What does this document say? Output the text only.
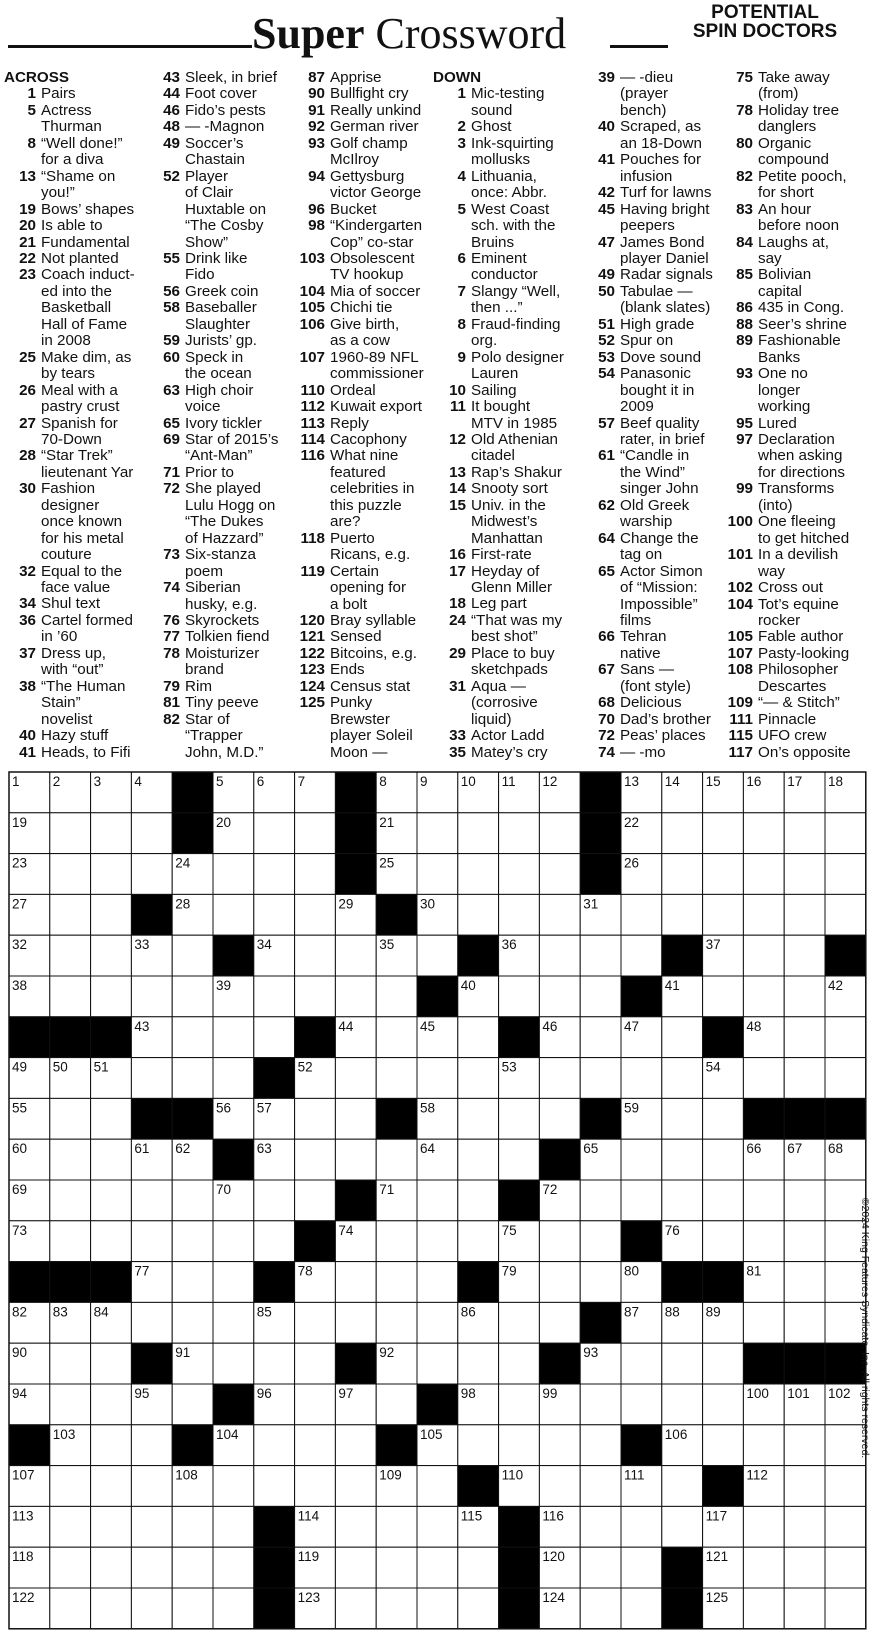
Super Crossword	POTENTIAL
SPIN DOCTORS
ACROSS
1 Pairs
5 Actress
Thurman
8 “Well done!”
for a diva
13 “Shame on
you!”
19 Bows’ shapes
20 Is able to
21 Fundamental
22 Not planted
23 Coach induct-
ed into the
Basketball
Hall of Fame
in 2008
25 Make dim, as
by tears
26 Meal with a
pastry crust
27 Spanish for
70-Down
28 “Star Trek”
lieutenant Yar
30 Fashion
designer
once known
for his metal
couture
32 Equal to the
face value
34 Shul text
36 Cartel formed
in ’60
37 Dress up,
with “out”
38 “The Human
Stain”
novelist
40 Hazy stuff
41 Heads, to Fifi
43 Sleek, in brief
44 Foot cover
46 Fido’s pests
48 — -Magnon
49 Soccer’s
Chastain
52 Player
of Clair
Huxtable on
“The Cosby
Show”
55 Drink like
Fido
56 Greek coin
58 Baseballer
Slaughter
59 Jurists’ gp.
60 Speck in
the ocean
63 High choir
voice
65 Ivory tickler
69 Star of 2015’s
“Ant-Man”
71 Prior to
72 She played
Lulu Hogg on
“The Dukes
of Hazzard”
73 Six-stanza
poem
74 Siberian
husky, e.g.
76 Skyrockets
77 Tolkien fiend
78 Moisturizer
brand
79 Rim
81 Tiny peeve
82 Star of
“Trapper
John, M.D.”
87 Apprise
90 Bullfight cry
91 Really unkind
92 German river
93 Golf champ
McIlroy
94 Gettysburg
victor George
96 Bucket
98 “Kindergarten
Cop” co-star
103 Obsolescent
TV hookup
104 Mia of soccer
105 Chichi tie
106 Give birth,
as a cow
107 1960-89 NFL
commissioner
110 Ordeal
112 Kuwait export
113 Reply
114 Cacophony
116 What nine
featured
celebrities in
this puzzle
are?
118 Puerto
Ricans, e.g.
119 Certain
opening for
a bolt
120 Bray syllable
121 Sensed
122 Bitcoins, e.g.
123 Ends
124 Census stat
125 Punky
Brewster
player Soleil
Moon —
DOWN
1 Mic-testing
sound
2 Ghost
3 Ink-squirting
mollusks
4 Lithuania,
once: Abbr.
5 West Coast
sch. with the
Bruins
6 Eminent
conductor
7 Slangy “Well,
then ...”
8 Fraud-finding
org.
9 Polo designer
Lauren
10 Sailing
11 It bought
MTV in 1985
12 Old Athenian
citadel
13 Rap’s Shakur
14 Snooty sort
15 Univ. in the
Midwest’s
Manhattan
16 First-rate
17 Heyday of
Glenn Miller
18 Leg part
24 “That was my
best shot”
29 Place to buy
sketchpads
31 Aqua —
(corrosive
liquid)
33 Actor Ladd
35 Matey’s cry
39 — -dieu
(prayer
bench)
40 Scraped, as
an 18-Down
41 Pouches for
infusion
42 Turf for lawns
45 Having bright
peepers
47 James Bond
player Daniel
49 Radar signals
50 Tabulae —
(blank slates)
51 High grade
52 Spur on
53 Dove sound
54 Panasonic
bought it in
2009
57 Beef quality
rater, in brief
61 “Candle in
the Wind”
singer John
62 Old Greek
warship
64 Change the
tag on
65 Actor Simon
of “Mission:
Impossible”
films
66 Tehran
native
67 Sans —
(font style)
68 Delicious
70 Dad’s brother
72 Peas’ places
74 — -mo
75 Take away
(from)
78 Holiday tree
danglers
80 Organic
compound
82 Petite pooch,
for short
83 An hour
before noon
84 Laughs at,
say
85 Bolivian
capital
86 435 in Cong.
88 Seer’s shrine
89 Fashionable
Banks
93 One no
longer
working
95 Lured
97 Declaration
when asking
for directions
99 Transforms
(into)
100 One fleeing
to get hitched
101 In a devilish
way
102 Cross out
104 Tot’s equine
rocker
105 Fable author
107 Pasty-looking
108 Philosopher
Descartes
109 “— & Stitch”
111 Pinnacle
115 UFO crew
117 On’s opposite
1 2 3 4	5 6 7	8 9 10 11 12	13 14 15 16 17 18
19	20	21	22
23	24	25	26
27	28	29	30	31
32	33	34	35	36	37
38	39	40	41	42
43	44	45	46	47	48
49 50 51	52	53	54
55	56 57	58	59
60	61 62	63	64	65	66 67 68
69	70	71	72
73	74	75	76
77	78	79	80	81
82 83 84	85	86	87 88 89
90	91	92	93
94	95	96	97	98	99	100 101 102
103	104	105	106
107	108	109	110	111	112
113	114	115	116	117
118	119	120	121
122	123	124	125
©2024 King Features Syndicate, Inc. All rights reserved.
